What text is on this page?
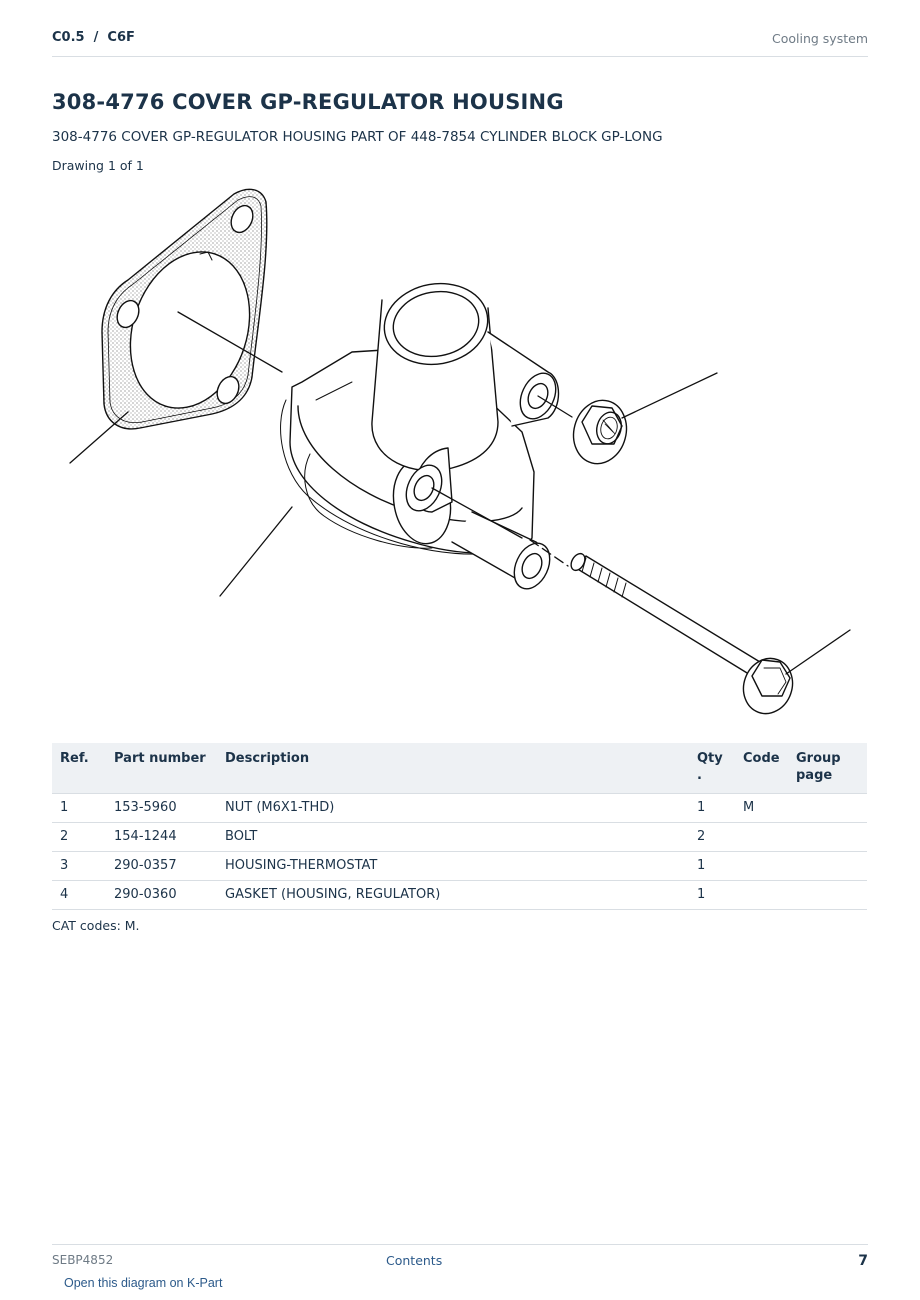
C0.5  /  C6F	Cooling system
308-4776 COVER GP-REGULATOR HOUSING
308-4776 COVER GP-REGULATOR HOUSING PART OF 448-7854 CYLINDER BLOCK GP-LONG
Drawing 1 of 1
Ref.	Part number	Description	Qty .	Code	Group page
1	153-5960	NUT (M6X1-THD)	1	M	
2	154-1244	BOLT	2		
3	290-0357	HOUSING-THERMOSTAT	1		
4	290-0360	GASKET (HOUSING, REGULATOR)	1		
CAT codes: M.
SEBP4852	Contents	7
Open this diagram on K-Part
